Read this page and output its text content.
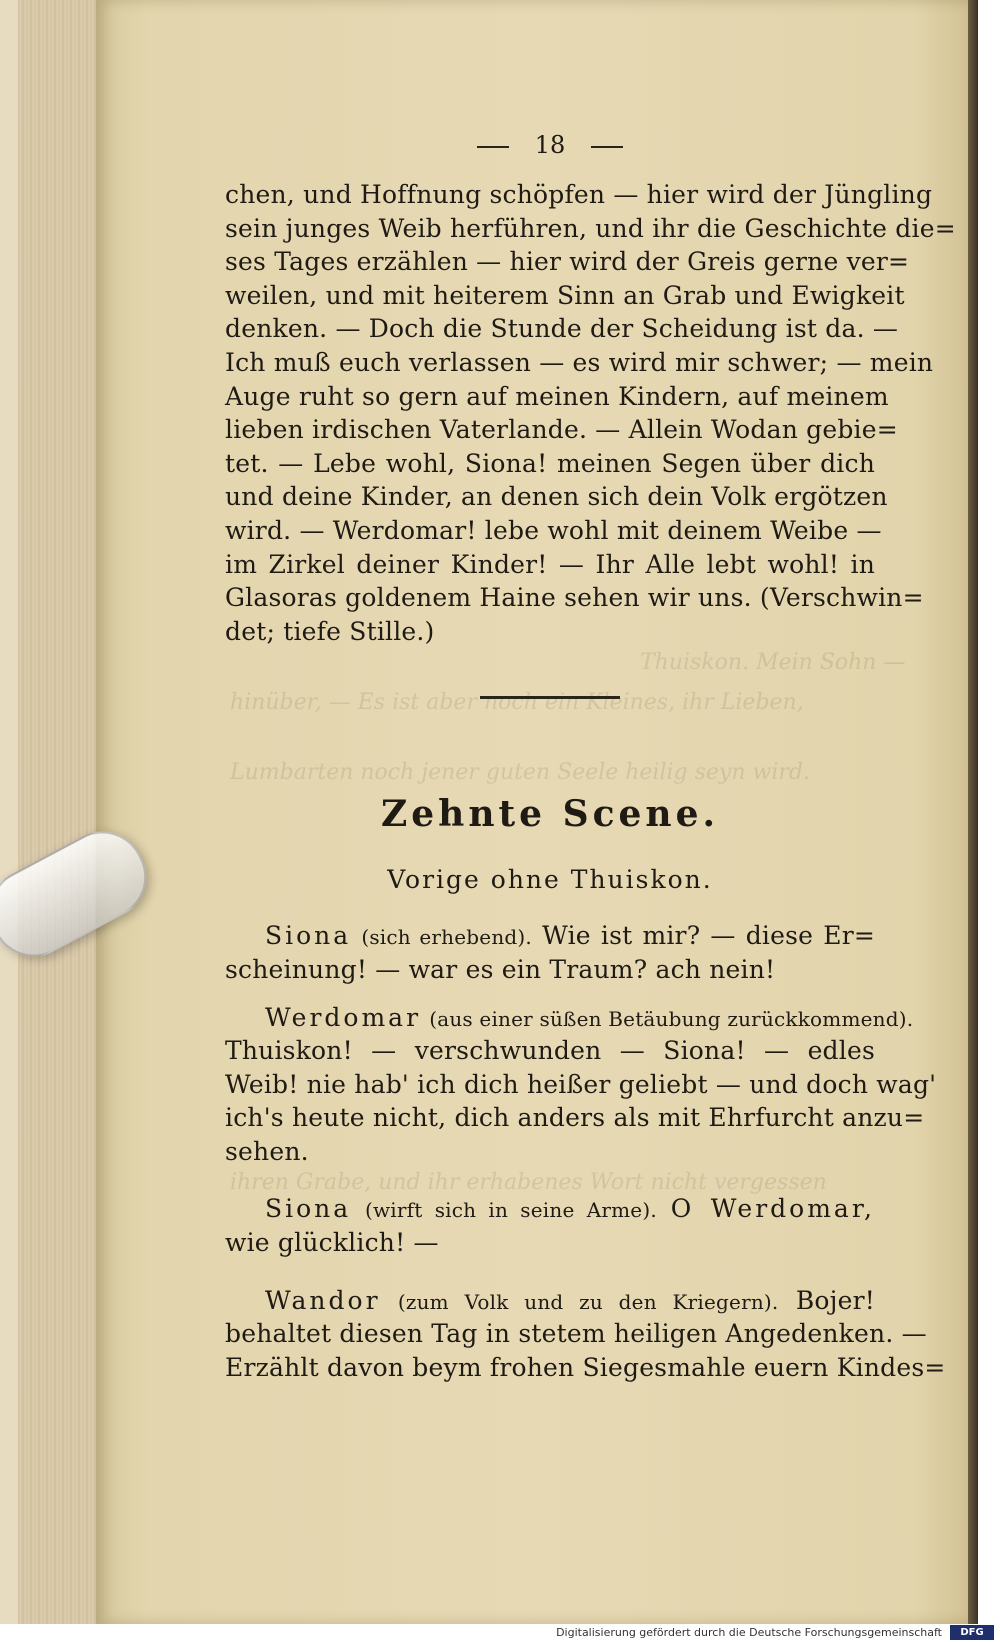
Thuiskon. Mein Sohn —
hinüber, — Es ist aber noch ein Kleines, ihr Lieben,
Lumbarten noch jener guten Seele heilig seyn wird.
ihren Grabe, und ihr erhabenes Wort nicht vergessen
18
chen, und Hoffnung schöpfen — hier wird der Jüngling
sein junges Weib herführen, und ihr die Geschichte die=
ses Tages erzählen — hier wird der Greis gerne ver=
weilen, und mit heiterem Sinn an Grab und Ewigkeit
denken. — Doch die Stunde der Scheidung ist da. —
Ich muß euch verlassen — es wird mir schwer; — mein
Auge ruht so gern auf meinen Kindern, auf meinem
lieben irdischen Vaterlande. — Allein Wodan gebie=
tet. — Lebe wohl, Siona! meinen Segen über dich
und deine Kinder, an denen sich dein Volk ergötzen
wird. — Werdomar! lebe wohl mit deinem Weibe —
im Zirkel deiner Kinder! — Ihr Alle lebt wohl! in
Glasoras goldenem Haine sehen wir uns. (Verschwin=
det; tiefe Stille.)
Zehnte Scene.
Vorige ohne Thuiskon.
Siona (sich erhebend). Wie ist mir? — diese Er=
scheinung! — war es ein Traum? ach nein!
Werdomar (aus einer süßen Betäubung zurückkommend).
Thuiskon! — verschwunden — Siona! — edles
Weib! nie hab' ich dich heißer geliebt — und doch wag'
ich's heute nicht, dich anders als mit Ehrfurcht anzu=
sehen.
Siona (wirft sich in seine Arme). O Werdomar,
wie glücklich! —
Wandor (zum Volk und zu den Kriegern). Bojer!
behaltet diesen Tag in stetem heiligen Angedenken. —
Erzählt davon beym frohen Siegesmahle euern Kindes=
Digitalisierung gefördert durch die Deutsche Forschungsgemeinschaft	DFG
